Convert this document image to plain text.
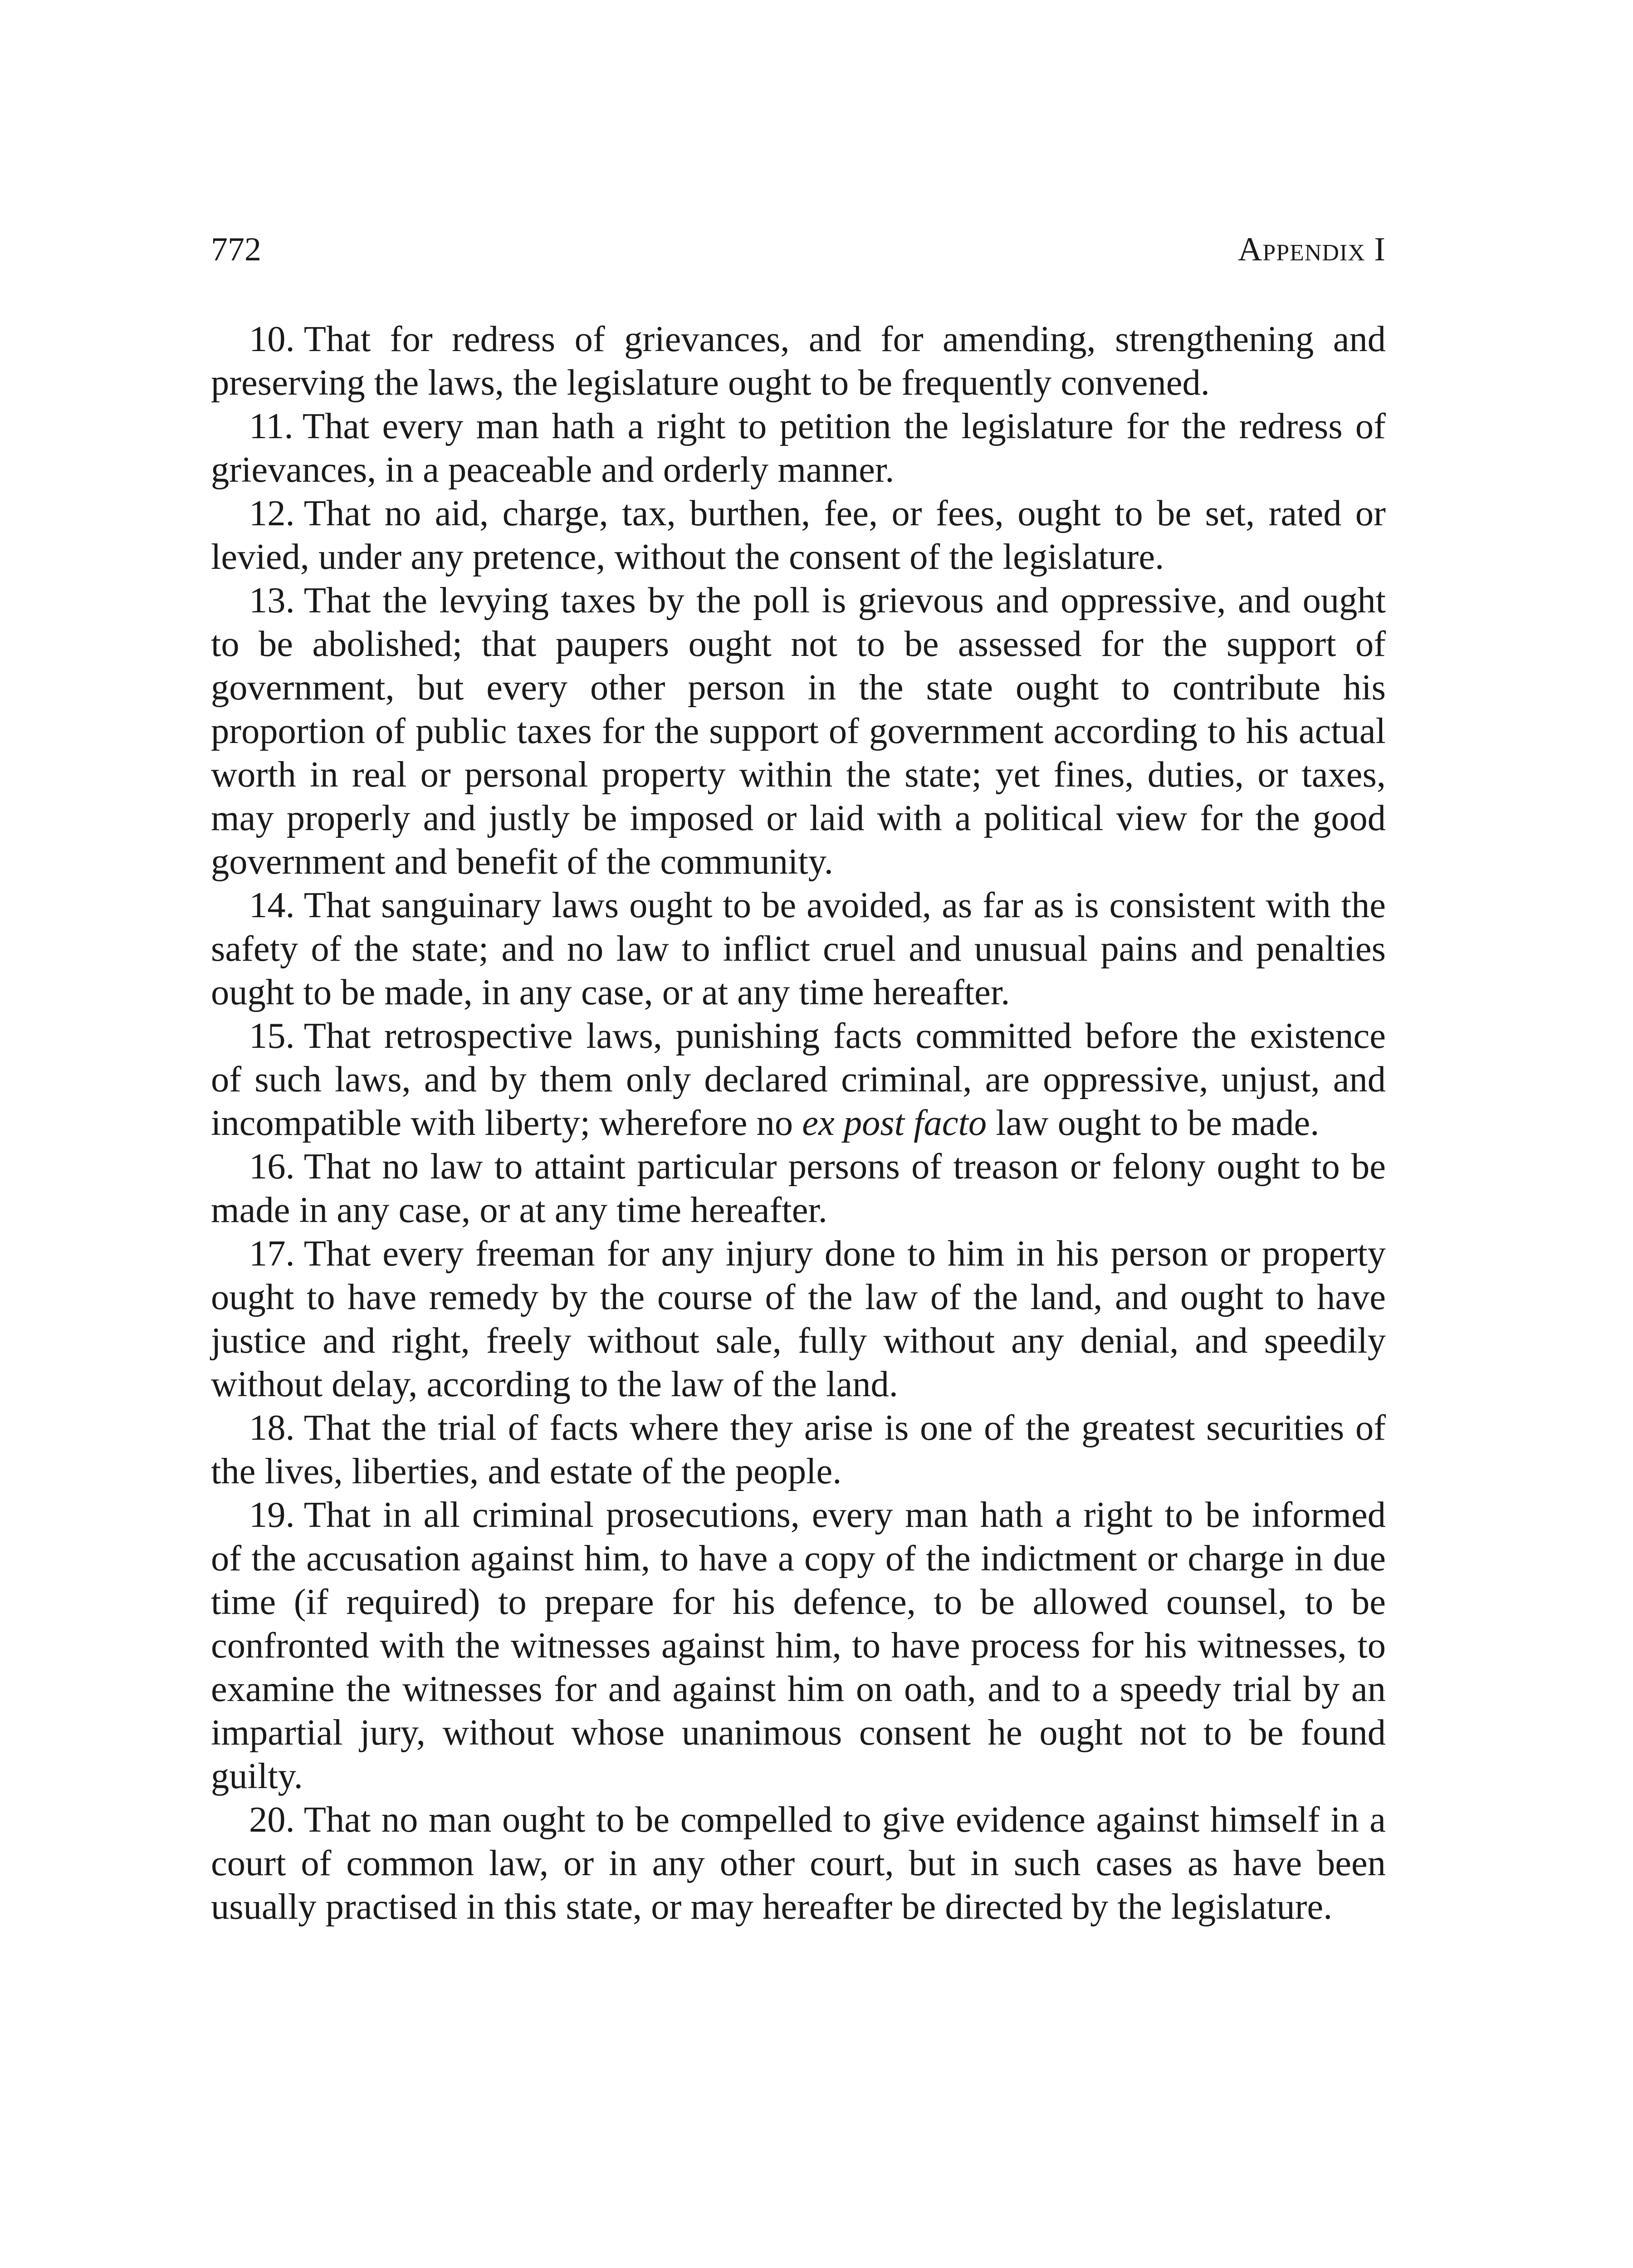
772	Appendix I

10. That for redress of grievances, and for amending, strengthening and preserving the laws, the legislature ought to be frequently convened.

11. That every man hath a right to petition the legislature for the redress of grievances, in a peaceable and orderly manner.

12. That no aid, charge, tax, burthen, fee, or fees, ought to be set, rated or levied, under any pretence, without the consent of the legislature.

13. That the levying taxes by the poll is grievous and oppressive, and ought to be abolished; that paupers ought not to be assessed for the support of government, but every other person in the state ought to contribute his proportion of public taxes for the support of government according to his actual worth in real or personal property within the state; yet fines, duties, or taxes, may properly and justly be imposed or laid with a political view for the good government and benefit of the community.

14. That sanguinary laws ought to be avoided, as far as is consistent with the safety of the state; and no law to inflict cruel and unusual pains and penalties ought to be made, in any case, or at any time hereafter.

15. That retrospective laws, punishing facts committed before the existence of such laws, and by them only declared criminal, are oppressive, unjust, and incompatible with liberty; wherefore no ex post facto law ought to be made.

16. That no law to attaint particular persons of treason or felony ought to be made in any case, or at any time hereafter.

17. That every freeman for any injury done to him in his person or property ought to have remedy by the course of the law of the land, and ought to have justice and right, freely without sale, fully without any denial, and speedily without delay, according to the law of the land.

18. That the trial of facts where they arise is one of the greatest securities of the lives, liberties, and estate of the people.

19. That in all criminal prosecutions, every man hath a right to be informed of the accusation against him, to have a copy of the indictment or charge in due time (if required) to prepare for his defence, to be allowed counsel, to be confronted with the witnesses against him, to have process for his witnesses, to examine the witnesses for and against him on oath, and to a speedy trial by an impartial jury, without whose unanimous consent he ought not to be found guilty.

20. That no man ought to be compelled to give evidence against himself in a court of common law, or in any other court, but in such cases as have been usually practised in this state, or may hereafter be directed by the legislature.
